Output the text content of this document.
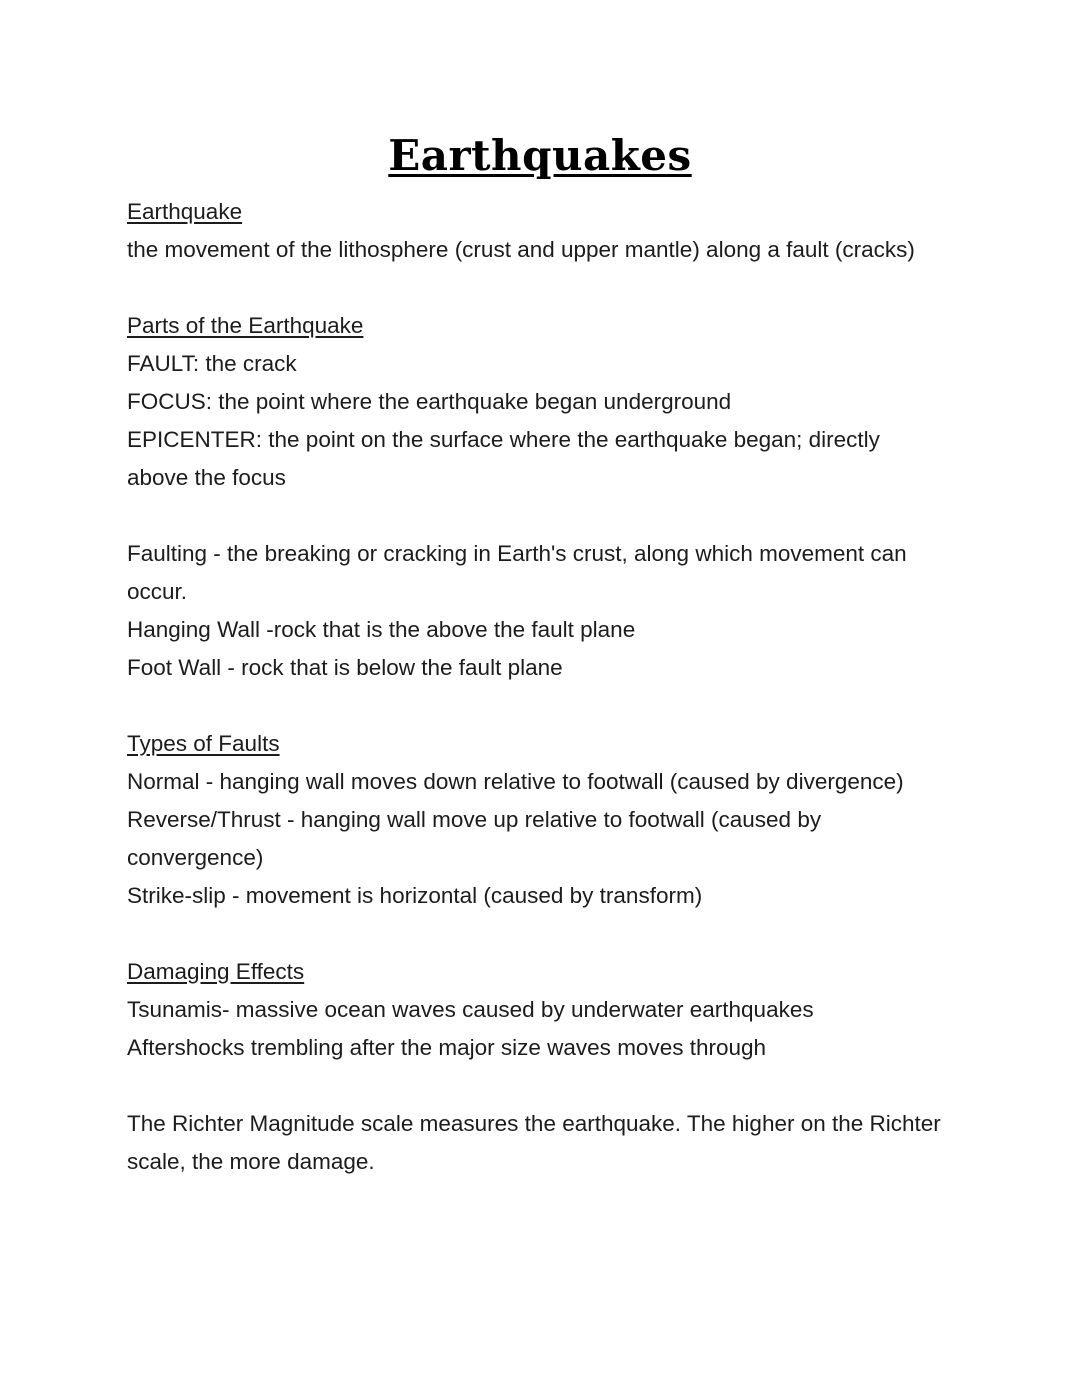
Earthquakes
Earthquake
the movement of the lithosphere (crust and upper mantle) along a fault (cracks)
Parts of the Earthquake
FAULT: the crack
FOCUS: the point where the earthquake began underground
EPICENTER: the point on the surface where the earthquake began; directly above the focus
Faulting - the breaking or cracking in Earth's crust, along which movement can occur.
Hanging Wall -rock that is the above the fault plane
Foot Wall - rock that is below the fault plane
Types of Faults
Normal - hanging wall moves down relative to footwall (caused by divergence)
Reverse/Thrust - hanging wall move up relative to footwall (caused by convergence)
Strike-slip - movement is horizontal (caused by transform)
Damaging Effects
Tsunamis- massive ocean waves caused by underwater earthquakes
Aftershocks trembling after the major size waves moves through
The Richter Magnitude scale measures the earthquake. The higher on the Richter scale, the more damage.
